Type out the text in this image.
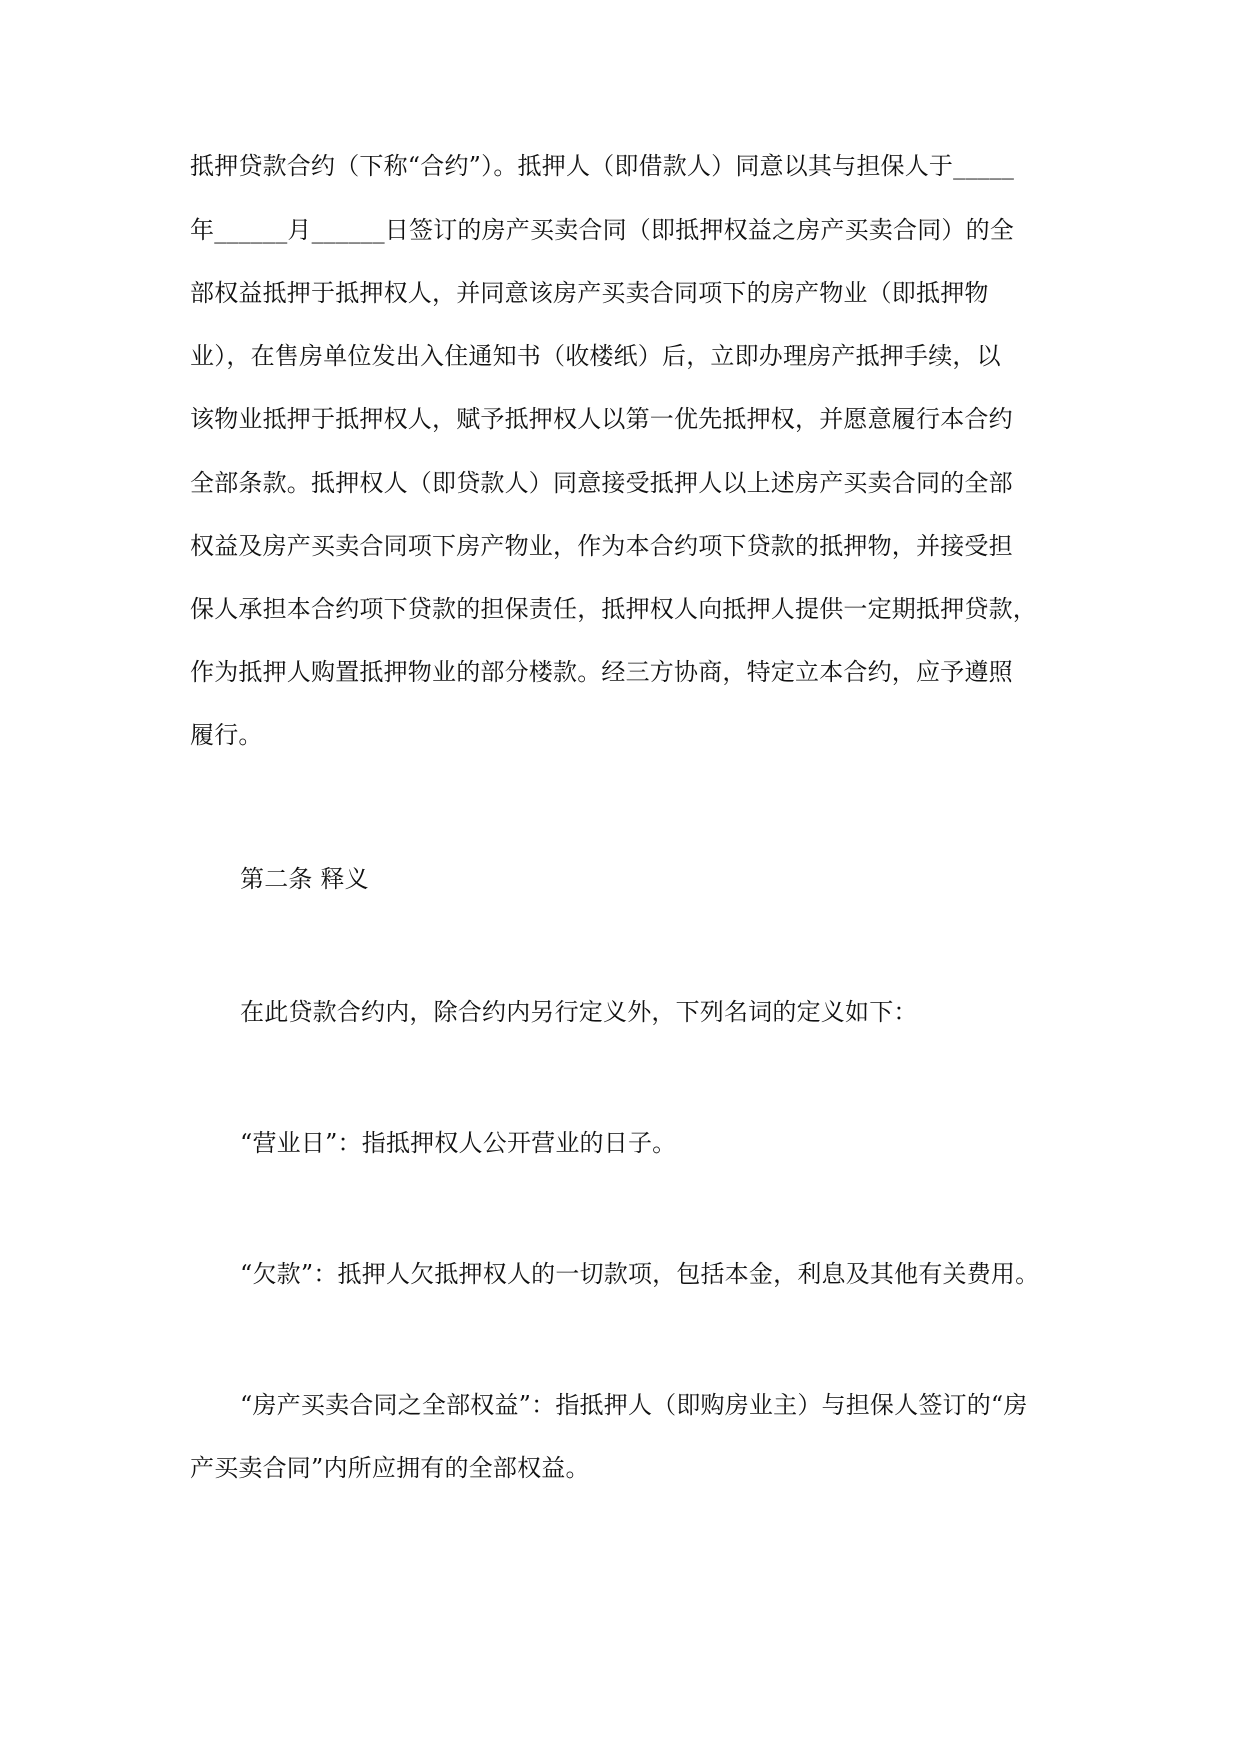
抵押贷款合约（下称“合约”）。抵押人（即借款人）同意以其与担保人于_____
年______月______日签订的房产买卖合同（即抵押权益之房产买卖合同）的全
部权益抵押于抵押权人，并同意该房产买卖合同项下的房产物业（即抵押物
业），在售房单位发出入住通知书（收楼纸）后，立即办理房产抵押手续，以
该物业抵押于抵押权人，赋予抵押权人以第一优先抵押权，并愿意履行本合约
全部条款。抵押权人（即贷款人）同意接受抵押人以上述房产买卖合同的全部
权益及房产买卖合同项下房产物业，作为本合约项下贷款的抵押物，并接受担
保人承担本合约项下贷款的担保责任，抵押权人向抵押人提供一定期抵押贷款，
作为抵押人购置抵押物业的部分楼款。经三方协商，特定立本合约，应予遵照
履行。
第二条 释义
在此贷款合约内，除合约内另行定义外，下列名词的定义如下：
“营业日”：指抵押权人公开营业的日子。
“欠款”：抵押人欠抵押权人的一切款项，包括本金，利息及其他有关费用。
“房产买卖合同之全部权益”：指抵押人（即购房业主）与担保人签订的“房
产买卖合同”内所应拥有的全部权益。
